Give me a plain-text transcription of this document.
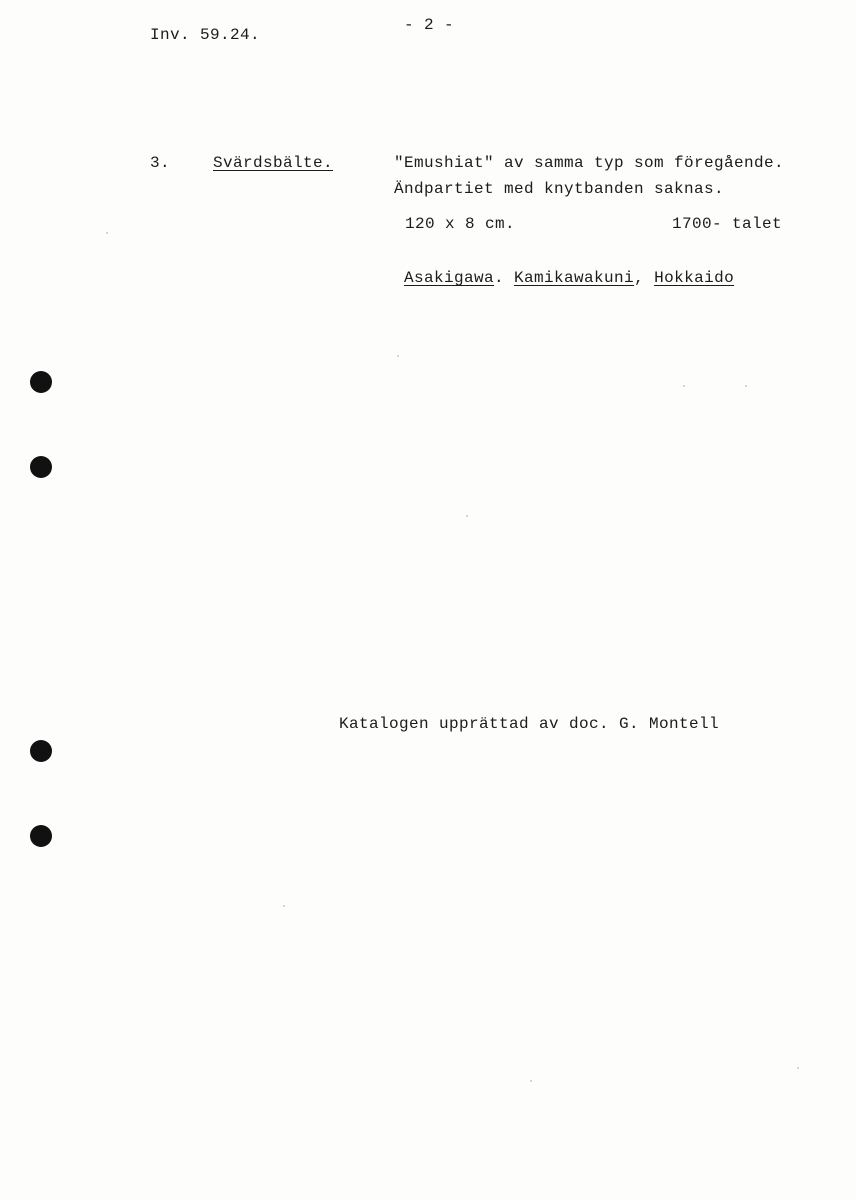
Inv. 59.24.
- 2 -
3.	Svärdsbälte.	"Emushiat" av samma typ som föregående.
Ändpartiet med knytbanden saknas.
120 x 8 cm.	1700- talet
Asakigawa. Kamikawakuni, Hokkaido
Katalogen upprättad av doc. G. Montell
